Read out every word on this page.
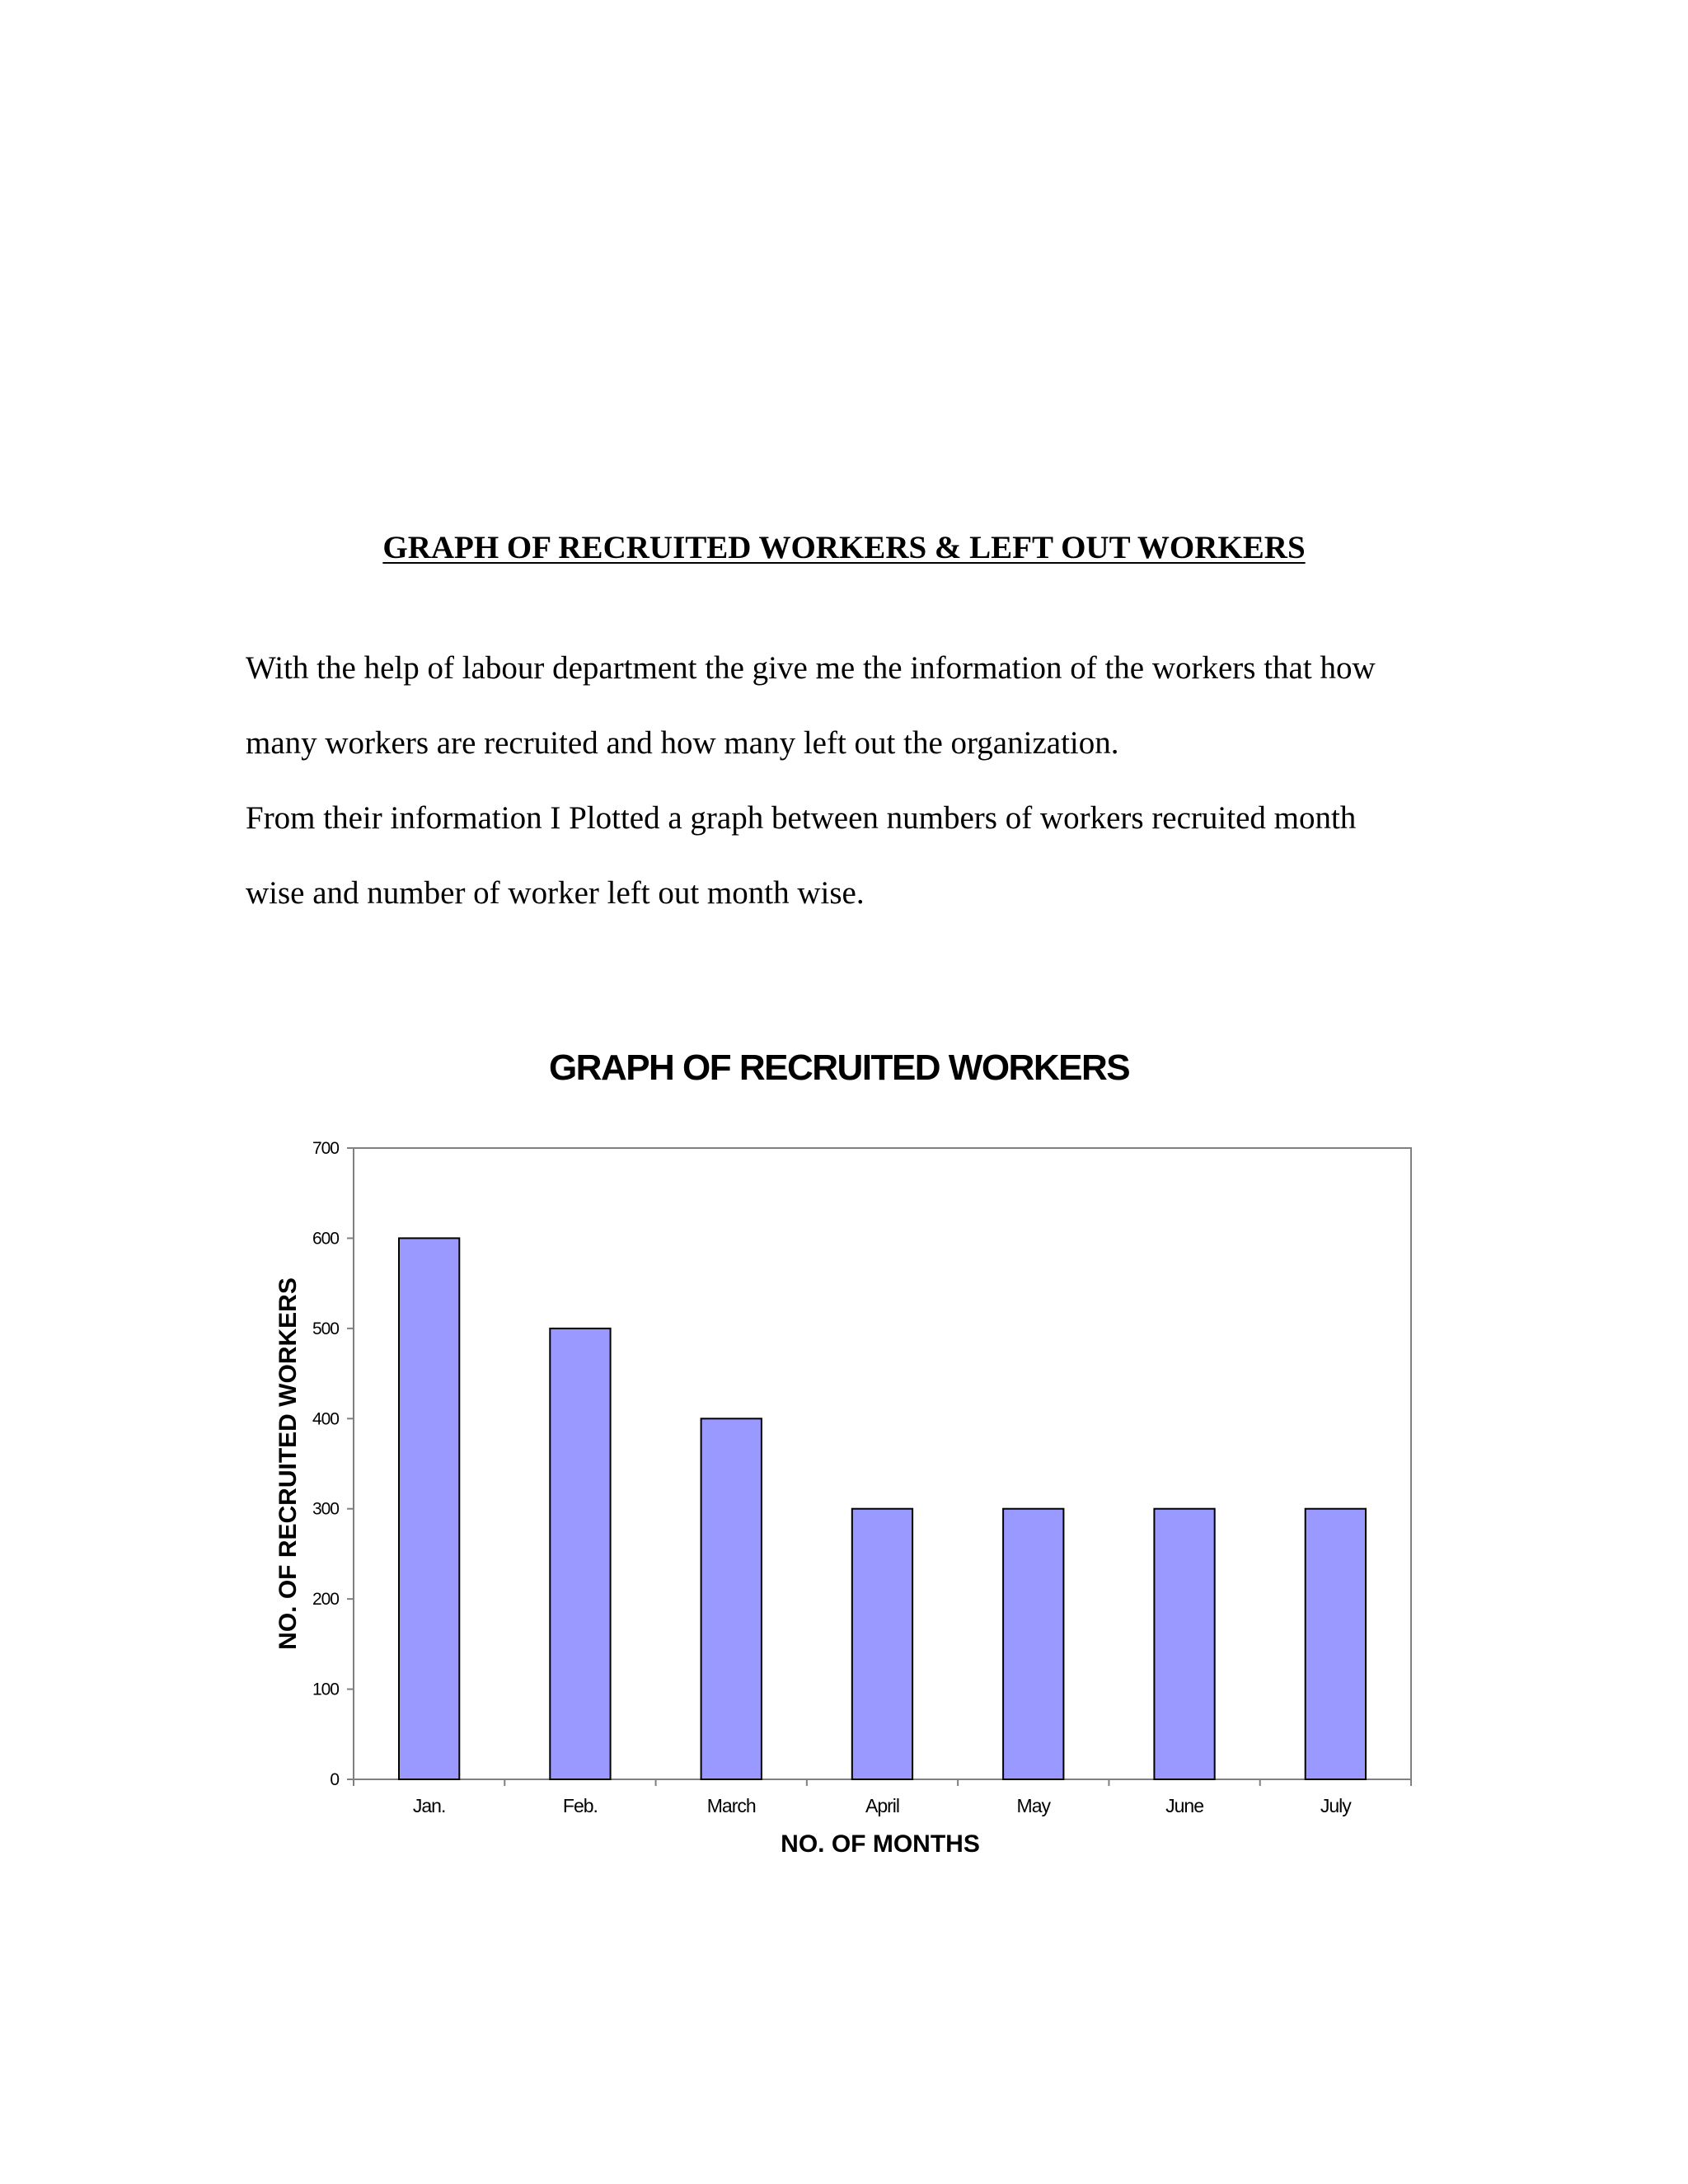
GRAPH OF RECRUITED WORKERS & LEFT OUT WORKERS

With the help of labour department the give me the information of the workers that how

many workers are recruited and how many left out the organization.

From their information I Plotted a graph between numbers of workers recruited month

wise and number of worker left out month wise.

GRAPH OF RECRUITED WORKERS
0
100
200
300
400
500
600
700
Jan.	Feb.	March	April	May	June	July
NO. OF MONTHS
NO. OF RECRUITED WORKERS
